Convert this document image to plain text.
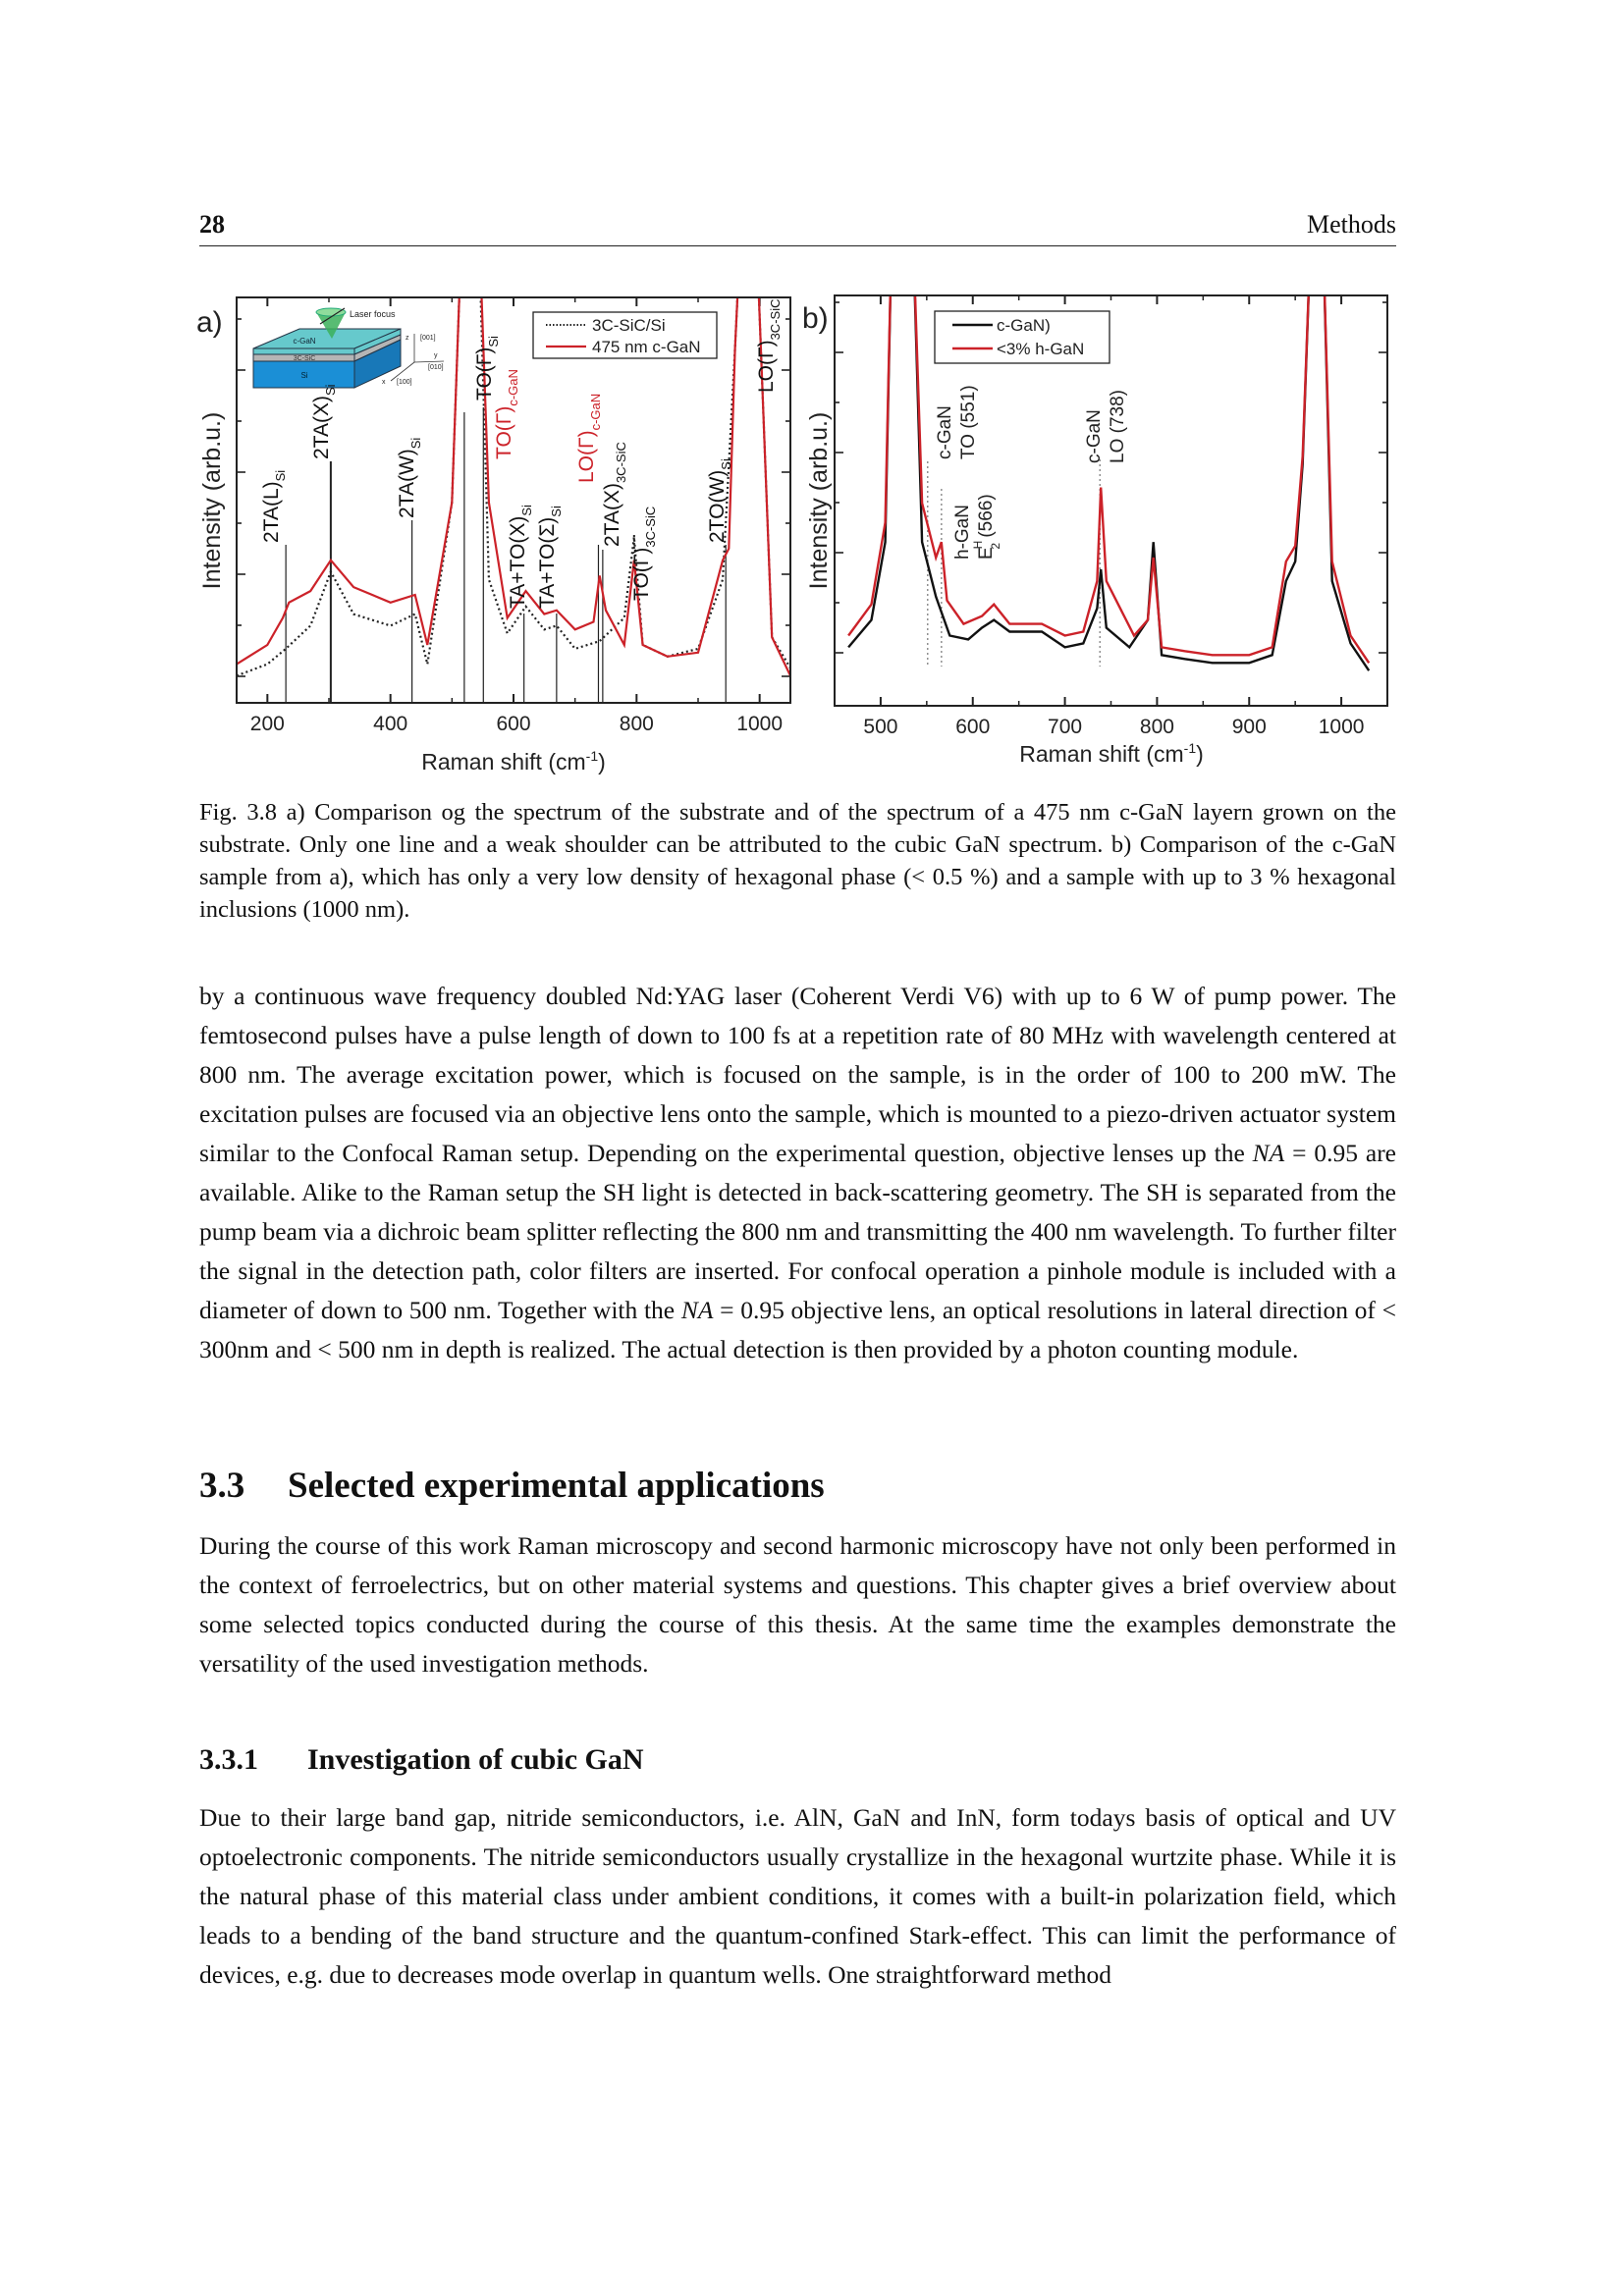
28	Methods
a)
Intensity (arb.u.)
200	400	600	800	1000
Raman shift $(cm^{-1})$
Laser focus
c-GaN
3C-SiC
Si
z [001]
y
[010]
x [100]
$2TA(L)_{Si}$
$2TA(X)_{Si}$
$2TA(W)_{Si}$
$TO(\Gamma)_{Si}$
$TO(\Gamma)_{c-GaN}$
$TA+TO(X)_{Si}$
$TA+TO(\Sigma)_{Si}$
$LO(\Gamma)_{c-GaN}$
$2TA(X)_{3C-SiC}$
$TO(\Gamma)_{3C-SiC}$ $2TO(W)_{Si}$
$LO(\Gamma)_{3C-SiC}$
3C-SiC/Si
475 nm c-GaN
b)
Intensity (arb.u.)
500	600	700	800	900	1000
Raman shift $(cm^{-1})$
c-GaN TO (551)
h-GaN EH 2 (566)
c-GaN LO (738)
c-GaN)
<3% h-GaN
Fig. 3.8 a) Comparison og the spectrum of the substrate and of the spectrum of a 475 nm c-GaN layern grown on the substrate. Only one line and a weak shoulder can be attributed to the cubic GaN spectrum. b) Comparison of the c-GaN sample from a), which has only a very low density of hexagonal phase (< 0.5 %) and a sample with up to 3 % hexagonal inclusions (1000 nm).
by a continuous wave frequency doubled Nd:YAG laser (Coherent Verdi V6) with up to 6 W of pump power. The femtosecond pulses have a pulse length of down to 100 fs at a repetition rate of 80 MHz with wavelength centered at 800 nm. The average excitation power, which is focused on the sample, is in the order of 100 to 200 mW. The excitation pulses are focused via an objective lens onto the sample, which is mounted to a piezo-driven actuator system similar to the Confocal Raman setup. Depending on the experimental question, objective lenses up the NA = 0.95 are available. Alike to the Raman setup the SH light is detected in back-scattering geometry. The SH is separated from the pump beam via a dichroic beam splitter reflecting the 800 nm and transmitting the 400 nm wavelength. To further filter the signal in the detection path, color filters are inserted. For confocal operation a pinhole module is included with a diameter of down to 500 nm. Together with the NA = 0.95 objective lens, an optical resolutions in lateral direction of < 300nm and < 500 nm in depth is realized. The actual detection is then provided by a photon counting module.
3.3 Selected experimental applications
During the course of this work Raman microscopy and second harmonic microscopy have not only been performed in the context of ferroelectrics, but on other material systems and questions. This chapter gives a brief overview about some selected topics conducted during the course of this thesis. At the same time the examples demonstrate the versatility of the used investigation methods.
3.3.1 Investigation of cubic GaN
Due to their large band gap, nitride semiconductors, i.e. AlN, GaN and InN, form todays basis of optical and UV optoelectronic components. The nitride semiconductors usually crystallize in the hexagonal wurtzite phase. While it is the natural phase of this material class under ambient conditions, it comes with a built-in polarization field, which leads to a bending of the band structure and the quantum-confined Stark-effect. This can limit the performance of devices, e.g. due to decreases mode overlap in quantum wells. One straightforward method
